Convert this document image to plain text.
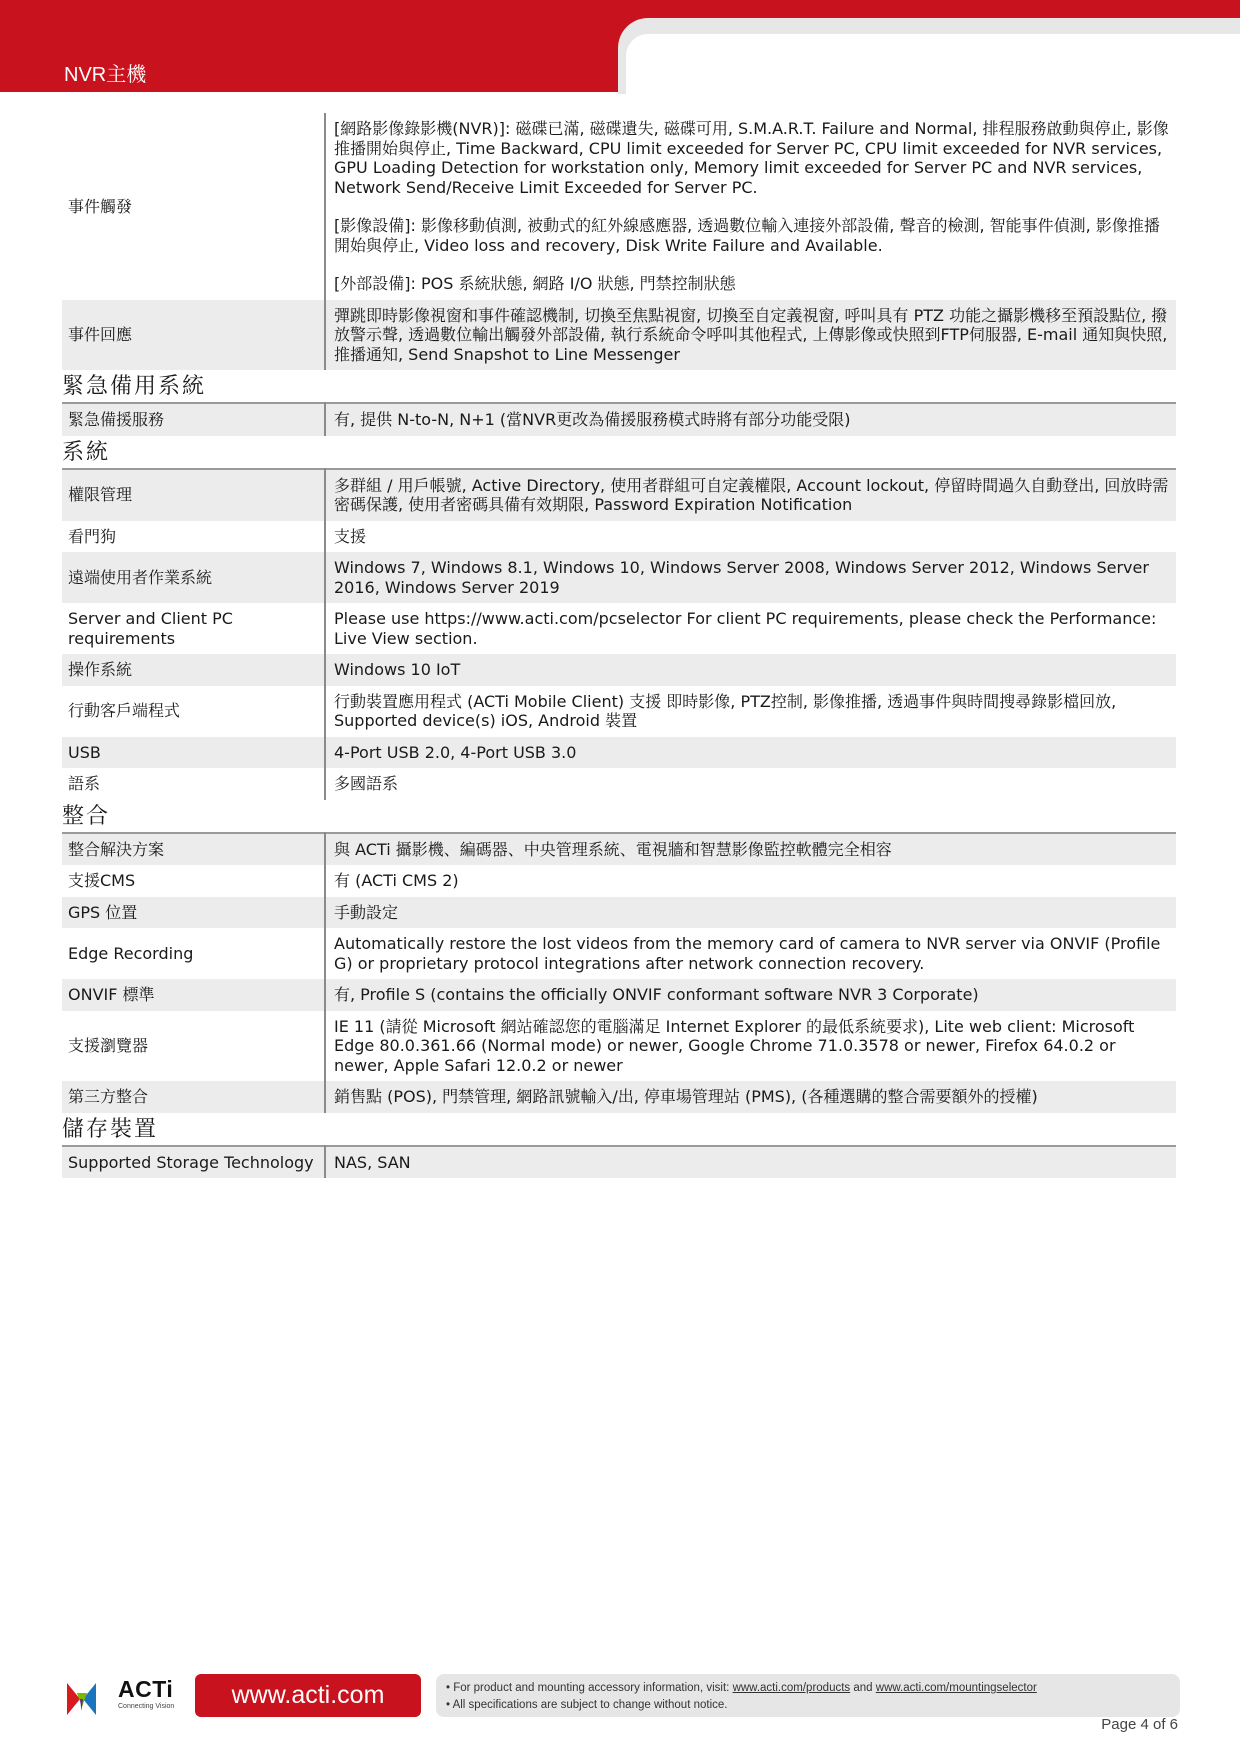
NVR主機
事件觸發	[網路影像錄影機(NVR)]: 磁碟已滿, 磁碟遺失, 磁碟可用, S.M.A.R.T. Failure and Normal, 排程服務啟動與停止, 影像推播開始與停止, Time Backward, CPU limit exceeded for Server PC, CPU limit exceeded for NVR services, GPU Loading Detection for workstation only, Memory limit exceeded for Server PC and NVR services, Network Send/Receive Limit Exceeded for Server PC.
[影像設備]: 影像移動偵測, 被動式的紅外線感應器, 透過數位輸入連接外部設備, 聲音的檢測, 智能事件偵測, 影像推播開始與停止, Video loss and recovery, Disk Write Failure and Available.
[外部設備]: POS 系統狀態, 網路 I/O 狀態, 門禁控制狀態

事件回應	彈跳即時影像視窗和事件確認機制, 切換至焦點視窗, 切換至自定義視窗, 呼叫具有 PTZ 功能之攝影機移至預設點位, 撥放警示聲, 透過數位輸出觸發外部設備, 執行系統命令呼叫其他程式, 上傳影像或快照到FTP伺服器, E-mail 通知與快照, 推播通知, Send Snapshot to Line Messenger
緊急備用系統
緊急備援服務	有, 提供 N-to-N, N+1 (當NVR更改為備援服務模式時將有部分功能受限)
系統
權限管理	多群組 / 用戶帳號, Active Directory, 使用者群組可自定義權限, Account lockout, 停留時間過久自動登出, 回放時需密碼保護, 使用者密碼具備有效期限, Password Expiration Notification
看門狗	支援
遠端使用者作業系統	Windows 7, Windows 8.1, Windows 10, Windows Server 2008, Windows Server 2012, Windows Server 2016, Windows Server 2019
Server and Client PC requirements	Please use https://www.acti.com/pcselector For client PC requirements, please check the Performance: Live View section.
操作系統	Windows 10 IoT
行動客戶端程式	行動裝置應用程式 (ACTi Mobile Client) 支援 即時影像, PTZ控制, 影像推播, 透過事件與時間搜尋錄影檔回放, Supported device(s) iOS, Android 裝置
USB	4-Port USB 2.0, 4-Port USB 3.0
語系	多國語系
整合
整合解決方案	與 ACTi 攝影機、編碼器、中央管理系統、電視牆和智慧影像監控軟體完全相容
支援CMS	有 (ACTi CMS 2)
GPS 位置	手動設定
Edge Recording	Automatically restore the lost videos from the memory card of camera to NVR server via ONVIF (Profile G) or proprietary protocol integrations after network connection recovery.
ONVIF 標準	有, Profile S (contains the officially ONVIF conformant software NVR 3 Corporate)
支援瀏覽器	IE 11 (請從 Microsoft 網站確認您的電腦滿足 Internet Explorer 的最低系統要求), Lite web client: Microsoft Edge 80.0.361.66 (Normal mode) or newer, Google Chrome 71.0.3578 or newer, Firefox 64.0.2 or newer, Apple Safari 12.0.2 or newer
第三方整合	銷售點 (POS), 門禁管理, 網路訊號輸入/出, 停車場管理站 (PMS), (各種選購的整合需要額外的授權)
儲存裝置
Supported Storage Technology	NAS, SAN
ACTi
Connecting Vision	www.acti.com	• For product and mounting accessory information, visit: www.acti.com/products and www.acti.com/mountingselector
• All specifications are subject to change without notice.
Page 4 of 6
